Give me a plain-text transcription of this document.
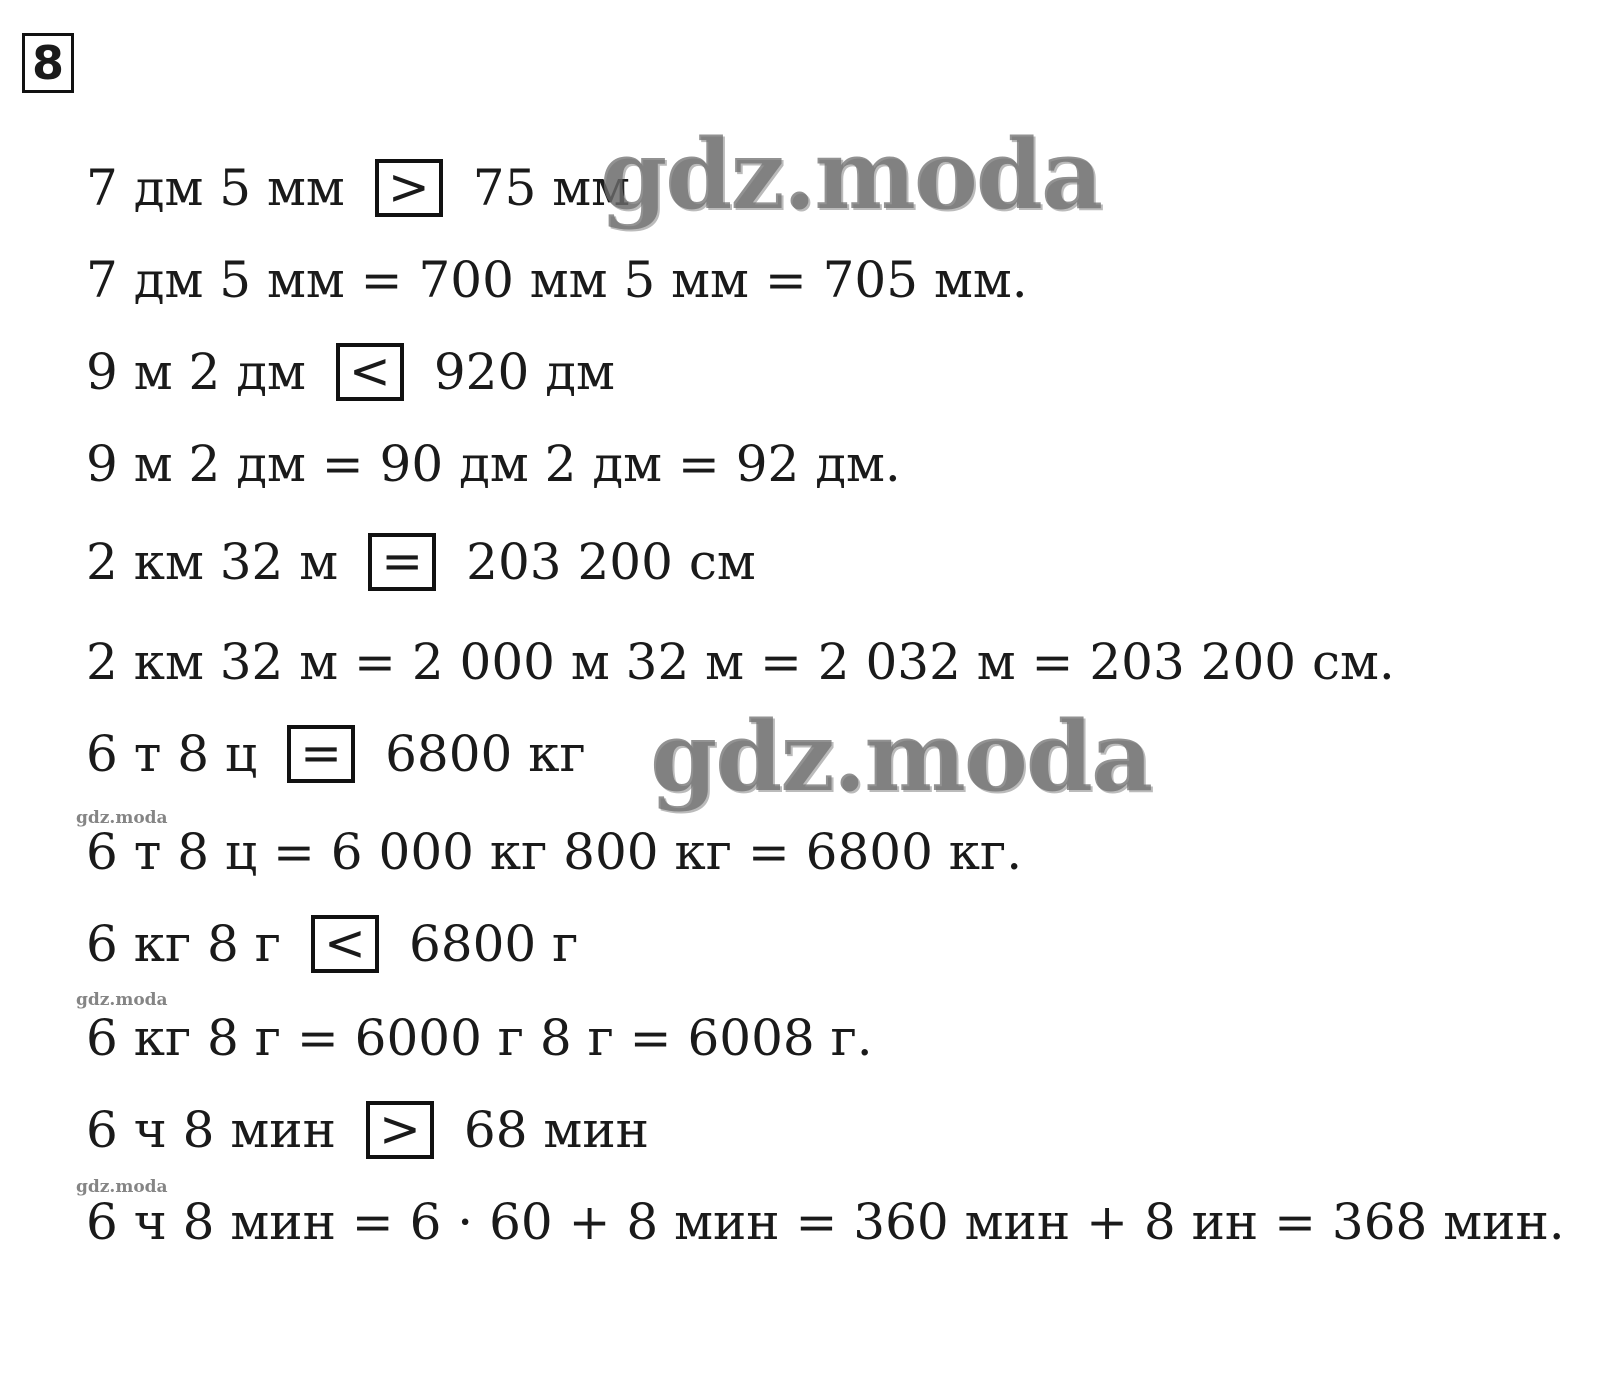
8
7 дм 5 мм > 75 мм
7 дм 5 мм = 700 мм 5 мм = 705 мм.
9 м 2 дм < 920 дм
9 м 2 дм = 90 дм 2 дм = 92 дм.
2 км 32 м = 203 200 см
2 км 32 м = 2 000 м 32 м = 2 032 м = 203 200 см.
6 т 8 ц = 6800 кг
6 т 8 ц = 6 000 кг 800 кг = 6800 кг.
6 кг 8 г < 6800 г
6 кг 8 г = 6000 г 8 г = 6008 г.
6 ч 8 мин > 68 мин
6 ч 8 мин = 6 · 60 + 8 мин = 360 мин + 8 ин = 368 мин.
gdz.moda
gdz.moda
gdz.moda
gdz.moda
gdz.moda
